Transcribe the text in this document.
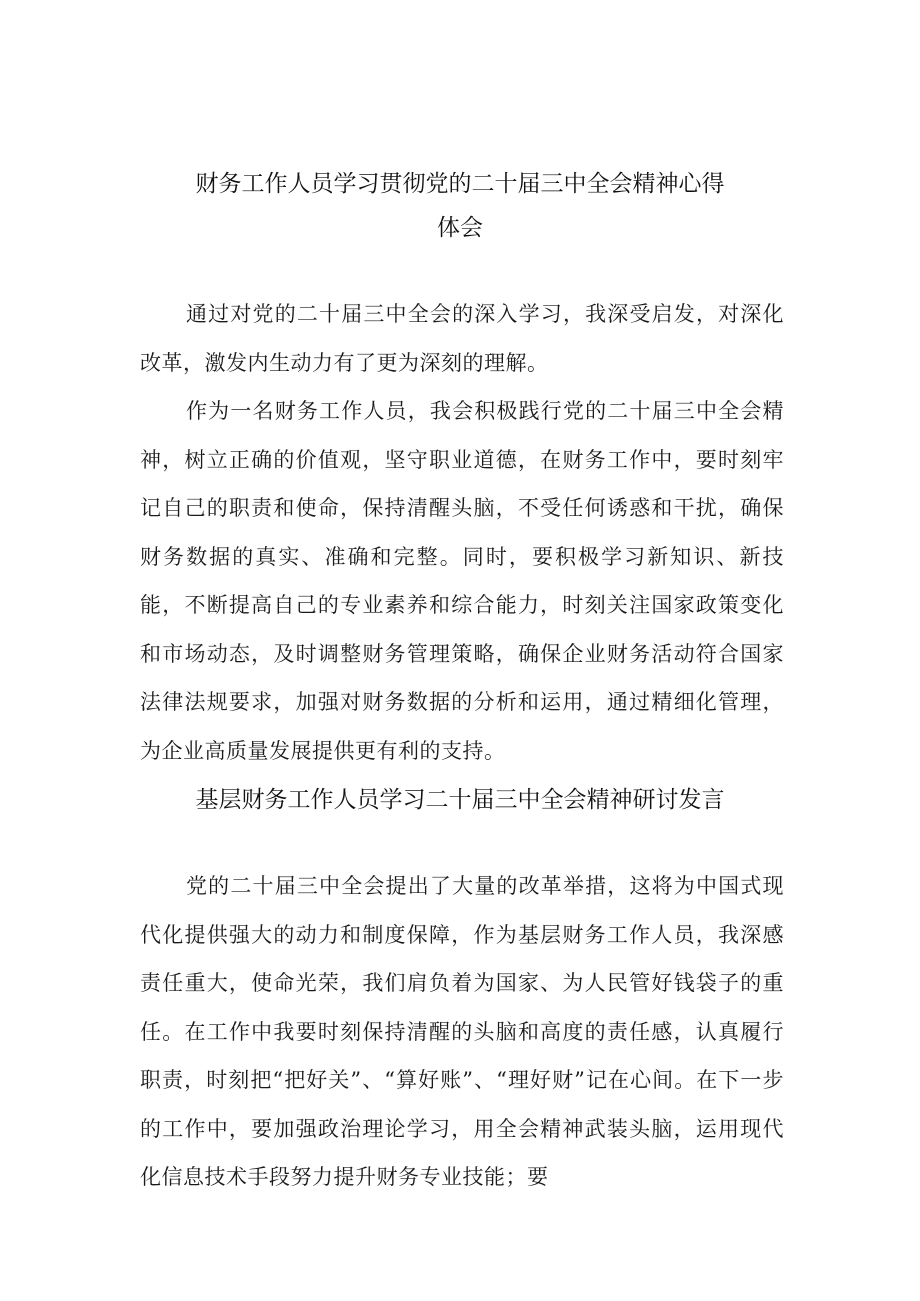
财务工作人员学习贯彻党的二十届三中全会精神心得
体会

通过对党的二十届三中全会的深入学习，我深受启发，对深化改革，激发内生动力有了更为深刻的理解。

作为一名财务工作人员，我会积极践行党的二十届三中全会精神，树立正确的价值观，坚守职业道德，在财务工作中，要时刻牢记自己的职责和使命，保持清醒头脑，不受任何诱惑和干扰，确保财务数据的真实、准确和完整。同时，要积极学习新知识、新技能，不断提高自己的专业素养和综合能力，时刻关注国家政策变化和市场动态，及时调整财务管理策略，确保企业财务活动符合国家法律法规要求，加强对财务数据的分析和运用，通过精细化管理，为企业高质量发展提供更有利的支持。

基层财务工作人员学习二十届三中全会精神研讨发言

党的二十届三中全会提出了大量的改革举措，这将为中国式现代化提供强大的动力和制度保障，作为基层财务工作人员，我深感责任重大，使命光荣，我们肩负着为国家、为人民管好钱袋子的重任。在工作中我要时刻保持清醒的头脑和高度的责任感，认真履行职责，时刻把“把好关”、“算好账”、“理好财”记在心间。在下一步的工作中，要加强政治理论学习，用全会精神武装头脑，运用现代化信息技术手段努力提升财务专业技能；要
